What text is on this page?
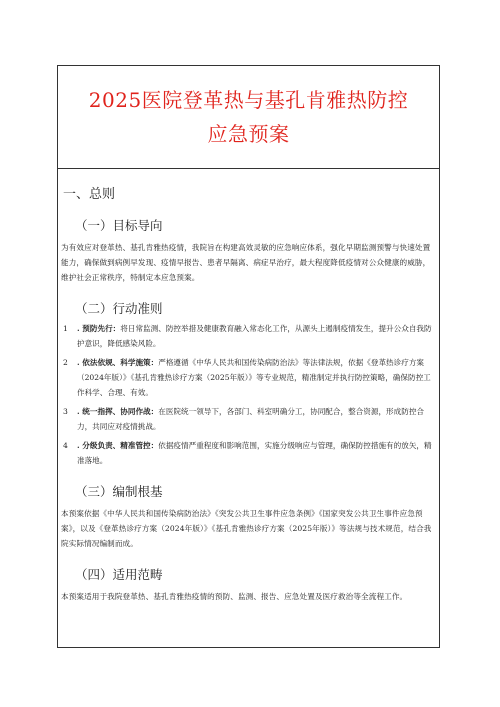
2025医院登革热与基孔肯雅热防控
应急预案
一、总则
（一）目标导向
为有效应对登革热、基孔肯雅热疫情，我院旨在构建高效灵敏的应急响应体系，强化早期监测预警与快速处置能力，确保做到病例早发现、疫情早报告、患者早隔离、病症早治疗，最大程度降低疫情对公众健康的威胁，维护社会正常秩序，特制定本应急预案。
（二）行动准则
1	. 预防先行：将日常监测、防控举措及健康教育融入常态化工作，从源头上遏制疫情发生，提升公众自我防护意识，降低感染风险。
2	. 依法依规、科学施策：严格遵循《中华人民共和国传染病防治法》等法律法规，依据《登革热诊疗方案（2024年版）》《基孔肯雅热诊疗方案（2025年版）》等专业规范，精准制定并执行防控策略，确保防控工作科学、合理、有效。
3	. 统一指挥、协同作战：在医院统一领导下，各部门、科室明确分工，协同配合，整合资源，形成防控合力，共同应对疫情挑战。
4	. 分级负责、精准管控：依据疫情严重程度和影响范围，实施分级响应与管理，确保防控措施有的放矢，精准落地。
（三）编制根基
本预案依据《中华人民共和国传染病防治法》《突发公共卫生事件应急条例》《国家突发公共卫生事件应急预案》，以及《登革热诊疗方案（2024年版）》《基孔肯雅热诊疗方案（2025年版）》等法规与技术规范，结合我院实际情况编制而成。
（四）适用范畴
本预案适用于我院登革热、基孔肯雅热疫情的预防、监测、报告、应急处置及医疗救治等全流程工作。
